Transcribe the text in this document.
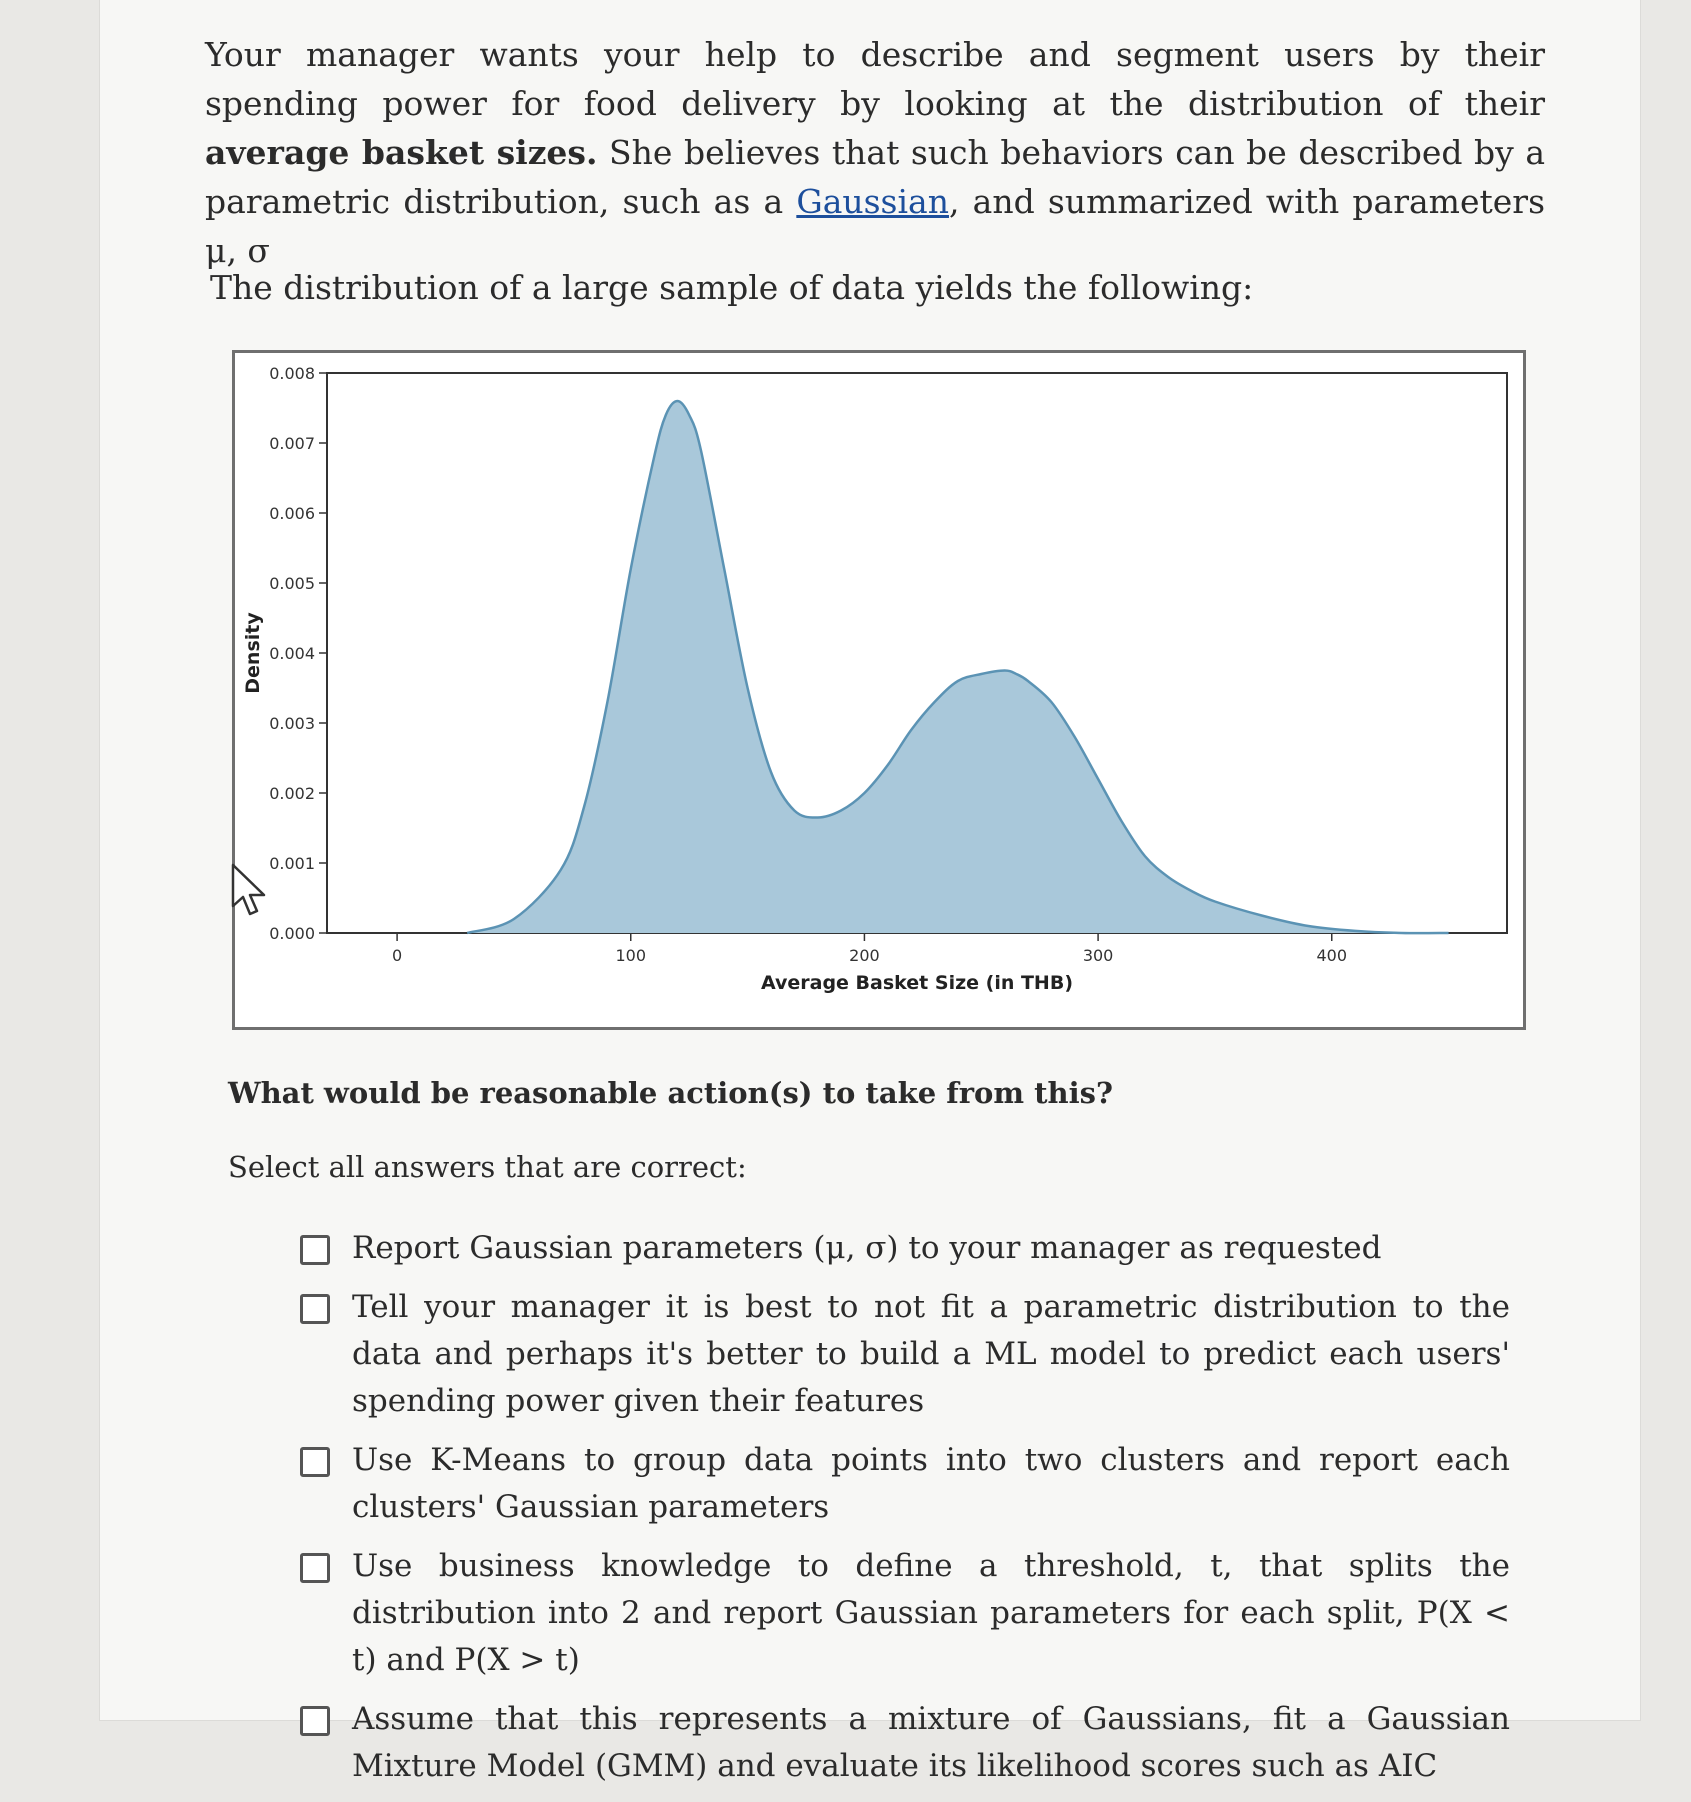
Your manager wants your help to describe and segment users by their spending power for food delivery by looking at the distribution of their average basket sizes. She believes that such behaviors can be described by a parametric distribution, such as a Gaussian, and summarized with parameters μ, σ
The distribution of a large sample of data yields the following:
0.000
0.001
0.002
0.003
0.004
0.005
0.006
0.007
0.008
0	100	200	300	400
Average Basket Size (in THB)
Density
What would be reasonable action(s) to take from this?
Select all answers that are correct:
Report Gaussian parameters (μ, σ) to your manager as requested
Tell your manager it is best to not fit a parametric distribution to the data and perhaps it's better to build a ML model to predict each users' spending power given their features
Use K-Means to group data points into two clusters and report each clusters' Gaussian parameters
Use business knowledge to define a threshold, t, that splits the distribution into 2 and report Gaussian parameters for each split, P(X < t) and P(X > t)
Assume that this represents a mixture of Gaussians, fit a Gaussian Mixture Model (GMM) and evaluate its likelihood scores such as AIC
